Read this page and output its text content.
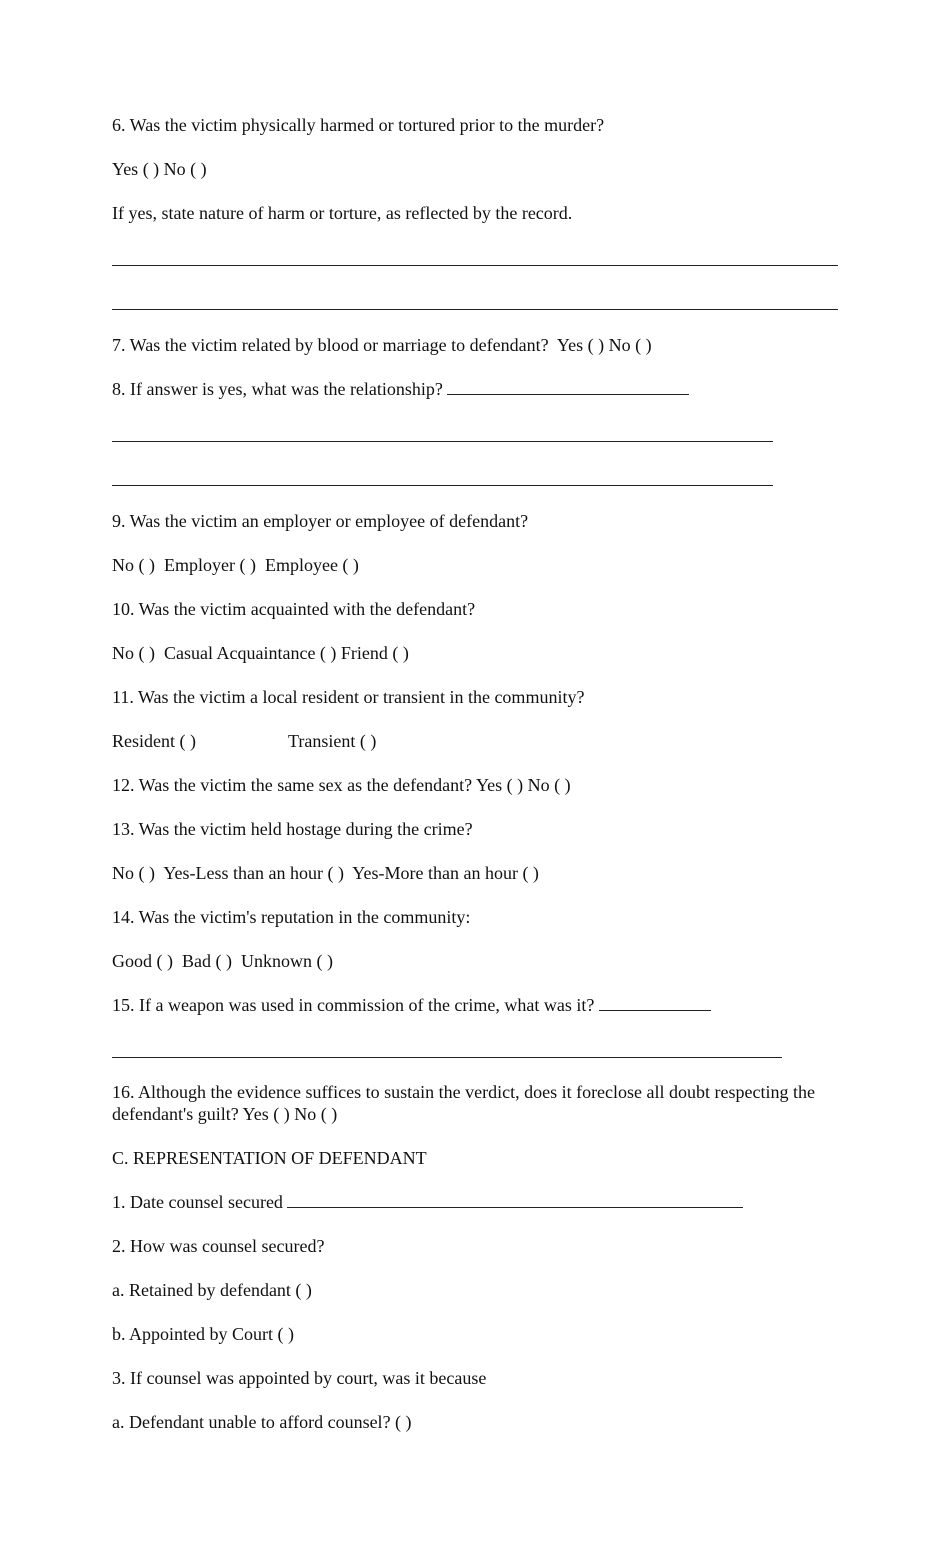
6. Was the victim physically harmed or tortured prior to the murder?
Yes ( ) No ( )
If yes, state nature of harm or torture, as reflected by the record.
7. Was the victim related by blood or marriage to defendant?  Yes ( ) No ( )
8. If answer is yes, what was the relationship?
9. Was the victim an employer or employee of defendant?
No ( )  Employer ( )  Employee ( )
10. Was the victim acquainted with the defendant?
No ( )  Casual Acquaintance ( ) Friend ( )
11. Was the victim a local resident or transient in the community?
Resident ( )	Transient ( )
12. Was the victim the same sex as the defendant? Yes ( ) No ( )
13. Was the victim held hostage during the crime?
No ( )  Yes-Less than an hour ( )  Yes-More than an hour ( )
14. Was the victim's reputation in the community:
Good ( )  Bad ( )  Unknown ( )
15. If a weapon was used in commission of the crime, what was it?
16. Although the evidence suffices to sustain the verdict, does it foreclose all doubt respecting the defendant's guilt? Yes ( ) No ( )
C. REPRESENTATION OF DEFENDANT
1. Date counsel secured
2. How was counsel secured?
a. Retained by defendant ( )
b. Appointed by Court ( )
3. If counsel was appointed by court, was it because
a. Defendant unable to afford counsel? ( )
